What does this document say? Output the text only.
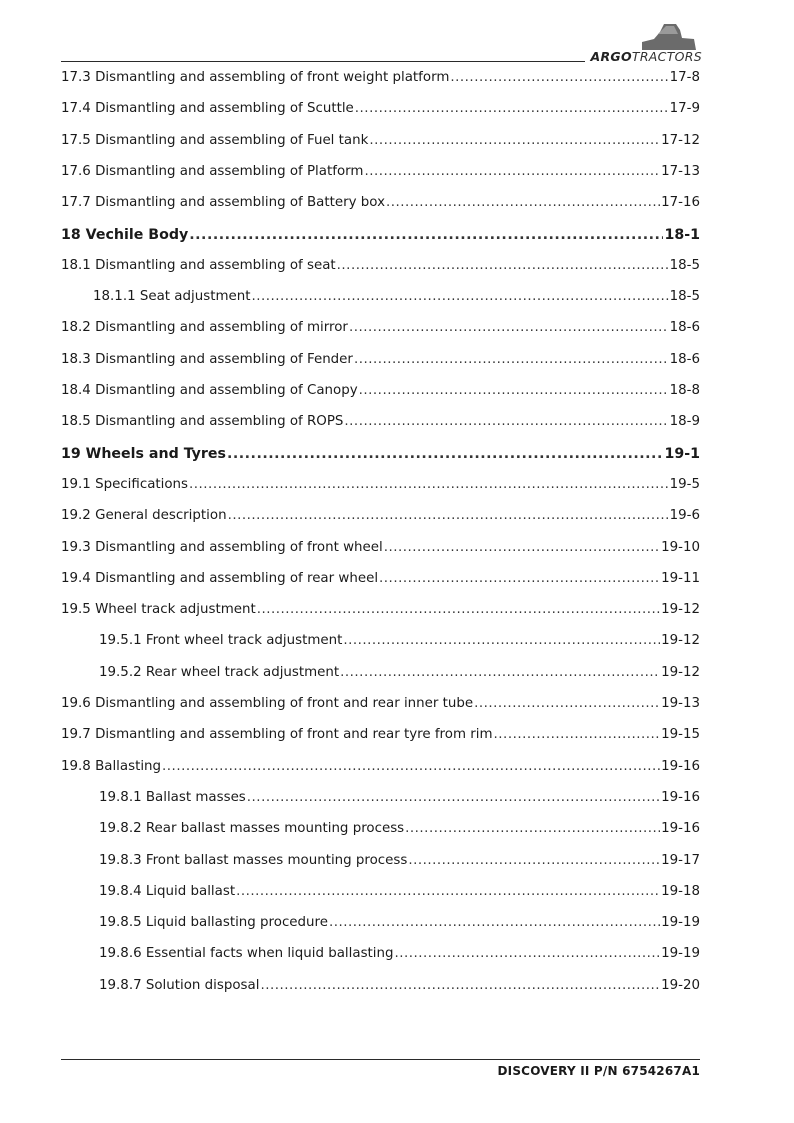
ARGOTRACTORS
17.3 Dismantling and assembling of front weight platform .....	17-8
17.4 Dismantling and assembling of Scuttle .....	17-9
17.5 Dismantling and assembling of Fuel tank .....	17-12
17.6 Dismantling and assembling of Platform .....	17-13
17.7 Dismantling and assembling of Battery box .....	17-16
18 Vechile Body .....	18-1
18.1 Dismantling and assembling of seat .....	18-5
18.1.1 Seat adjustment .....	18-5
18.2 Dismantling and assembling of mirror .....	18-6
18.3 Dismantling and assembling of Fender .....	18-6
18.4 Dismantling and assembling of Canopy .....	18-8
18.5 Dismantling and assembling of ROPS .....	18-9
19 Wheels and Tyres .....	19-1
19.1 Specifications .....	19-5
19.2 General description .....	19-6
19.3 Dismantling and assembling of front wheel .....	19-10
19.4 Dismantling and assembling of rear wheel .....	19-11
19.5 Wheel track adjustment .....	19-12
19.5.1 Front wheel track adjustment .....	19-12
19.5.2 Rear wheel track adjustment .....	19-12
19.6 Dismantling and assembling of front and rear inner tube .....	19-13
19.7 Dismantling and assembling of front and rear tyre from rim .....	19-15
19.8 Ballasting .....	19-16
19.8.1 Ballast masses .....	19-16
19.8.2 Rear ballast masses mounting process .....	19-16
19.8.3 Front ballast masses mounting process .....	19-17
19.8.4 Liquid ballast .....	19-18
19.8.5 Liquid ballasting procedure .....	19-19
19.8.6 Essential facts when liquid ballasting .....	19-19
19.8.7 Solution disposal .....	19-20
DISCOVERY II P/N 6754267A1
